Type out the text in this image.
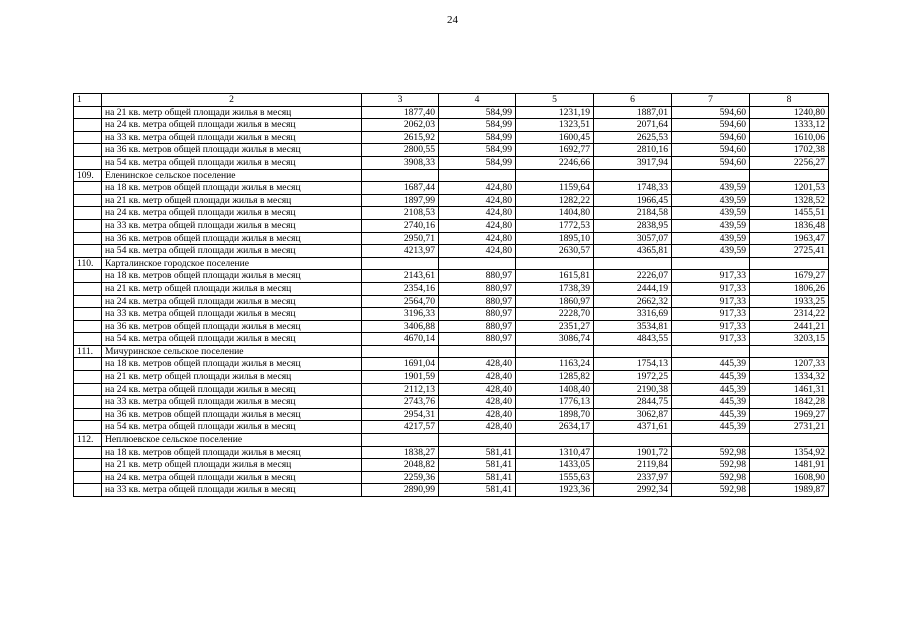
24
1	2	3	4	5	6	7	8
	на 21 кв. метр общей площади жилья в месяц	1877,40	584,99	1231,19	1887,01	594,60	1240,80
	на 24 кв. метра общей площади жилья в месяц	2062,03	584,99	1323,51	2071,64	594,60	1333,12
	на 33 кв. метра общей площади жилья в месяц	2615,92	584,99	1600,45	2625,53	594,60	1610,06
	на 36 кв. метров общей площади жилья в месяц	2800,55	584,99	1692,77	2810,16	594,60	1702,38
	на 54 кв. метра общей площади жилья в месяц	3908,33	584,99	2246,66	3917,94	594,60	2256,27
109.	Еленинское сельское поселение						
	на 18 кв. метров общей площади жилья в месяц	1687,44	424,80	1159,64	1748,33	439,59	1201,53
	на 21 кв. метр общей площади жилья в месяц	1897,99	424,80	1282,22	1966,45	439,59	1328,52
	на 24 кв. метра общей площади жилья в месяц	2108,53	424,80	1404,80	2184,58	439,59	1455,51
	на 33 кв. метра общей площади жилья в месяц	2740,16	424,80	1772,53	2838,95	439,59	1836,48
	на 36 кв. метров общей площади жилья в месяц	2950,71	424,80	1895,10	3057,07	439,59	1963,47
	на 54 кв. метра общей площади жилья в месяц	4213,97	424,80	2630,57	4365,81	439,59	2725,41
110.	Карталинское городское поселение						
	на 18 кв. метров общей площади жилья в месяц	2143,61	880,97	1615,81	2226,07	917,33	1679,27
	на 21 кв. метр общей площади жилья в месяц	2354,16	880,97	1738,39	2444,19	917,33	1806,26
	на 24 кв. метра общей площади жилья в месяц	2564,70	880,97	1860,97	2662,32	917,33	1933,25
	на 33 кв. метра общей площади жилья в месяц	3196,33	880,97	2228,70	3316,69	917,33	2314,22
	на 36 кв. метров общей площади жилья в месяц	3406,88	880,97	2351,27	3534,81	917,33	2441,21
	на 54 кв. метра общей площади жилья в месяц	4670,14	880,97	3086,74	4843,55	917,33	3203,15
111.	Мичуринское сельское поселение						
	на 18 кв. метров общей площади жилья в месяц	1691,04	428,40	1163,24	1754,13	445,39	1207,33
	на 21 кв. метр общей площади жилья в месяц	1901,59	428,40	1285,82	1972,25	445,39	1334,32
	на 24 кв. метра общей площади жилья в месяц	2112,13	428,40	1408,40	2190,38	445,39	1461,31
	на 33 кв. метра общей площади жилья в месяц	2743,76	428,40	1776,13	2844,75	445,39	1842,28
	на 36 кв. метров общей площади жилья в месяц	2954,31	428,40	1898,70	3062,87	445,39	1969,27
	на 54 кв. метра общей площади жилья в месяц	4217,57	428,40	2634,17	4371,61	445,39	2731,21
112.	Неплюевское сельское поселение						
	на 18 кв. метров общей площади жилья в месяц	1838,27	581,41	1310,47	1901,72	592,98	1354,92
	на 21 кв. метр общей площади жилья в месяц	2048,82	581,41	1433,05	2119,84	592,98	1481,91
	на 24 кв. метра общей площади жилья в месяц	2259,36	581,41	1555,63	2337,97	592,98	1608,90
	на 33 кв. метра общей площади жилья в месяц	2890,99	581,41	1923,36	2992,34	592,98	1989,87
